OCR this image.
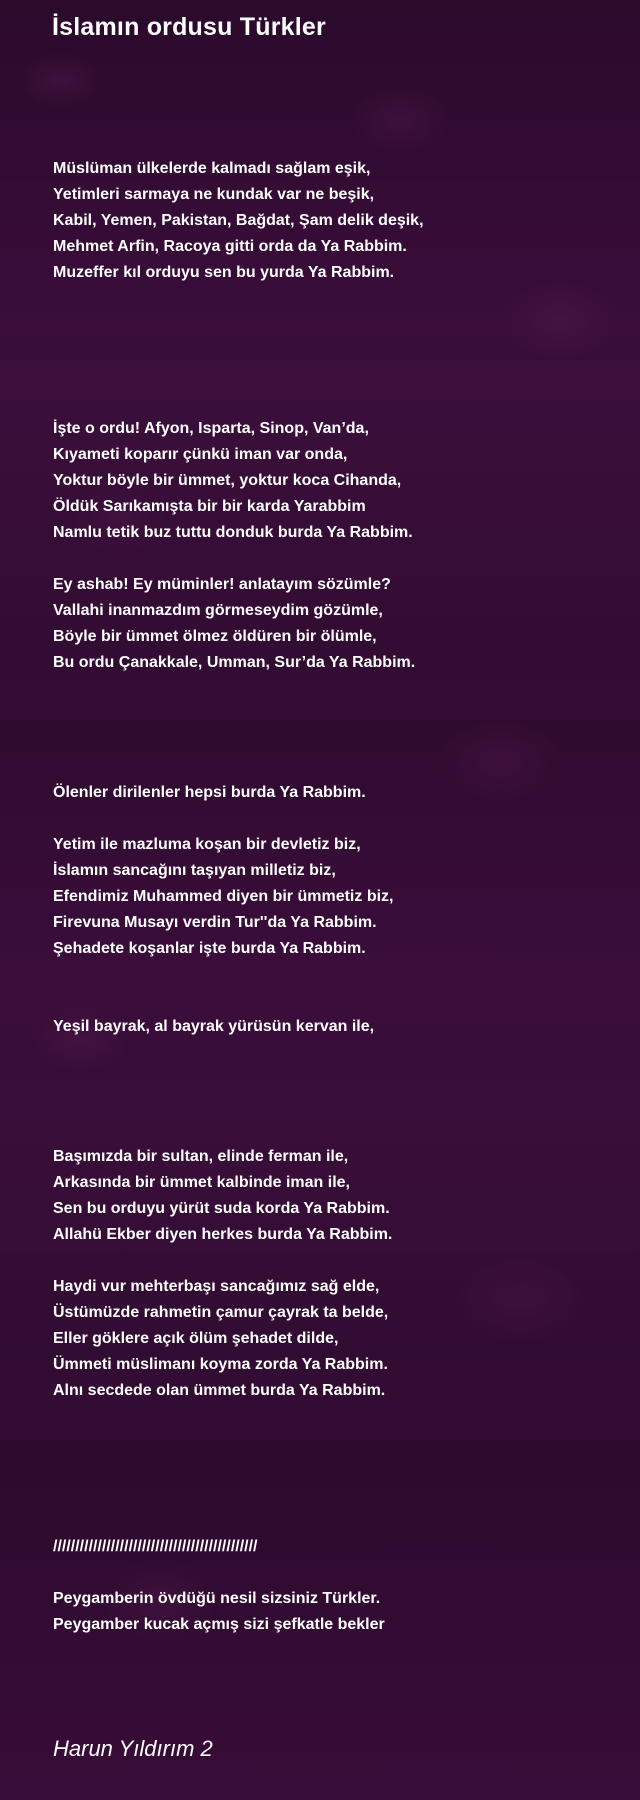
İslamın ordusu Türkler
Müslüman ülkelerde kalmadı sağlam eşik,
Yetimleri sarmaya ne kundak var ne beşik,
Kabil, Yemen, Pakistan, Bağdat, Şam delik deşik,
Mehmet Arfin, Racoya gitti orda da Ya Rabbim.
Muzeffer kıl orduyu sen bu yurda Ya Rabbim.
İşte o ordu! Afyon, Isparta, Sinop, Van’da,
Kıyameti koparır çünkü iman var onda,
Yoktur böyle bir ümmet, yoktur koca Cihanda,
Öldük Sarıkamışta bir bir karda Yarabbim
Namlu tetik buz tuttu donduk burda Ya Rabbim.
Ey ashab! Ey müminler! anlatayım sözümle?
Vallahi inanmazdım görmeseydim gözümle,
Böyle bir ümmet ölmez öldüren bir ölümle,
Bu ordu Çanakkale, Umman, Sur’da Ya Rabbim.
Ölenler dirilenler hepsi burda Ya Rabbim.
Yetim ile mazluma koşan bir devletiz biz,
İslamın sancağını taşıyan milletiz biz,
Efendimiz Muhammed diyen bir ümmetiz biz,
Firevuna Musayı verdin Tur''da Ya Rabbim.
Şehadete koşanlar işte burda Ya Rabbim.
Yeşil bayrak, al bayrak yürüsün kervan ile,
Başımızda bir sultan, elinde ferman ile,
Arkasında bir ümmet kalbinde iman ile,
Sen bu orduyu yürüt suda korda Ya Rabbim.
Allahü Ekber diyen herkes burda Ya Rabbim.
Haydi vur mehterbaşı sancağımız sağ elde,
Üstümüzde rahmetin çamur çayrak ta belde,
Eller göklere açık ölüm şehadet dilde,
Ümmeti müslimanı koyma zorda Ya Rabbim.
Alnı secdede olan ümmet burda Ya Rabbim.
//////////////////////////////////////////////
Peygamberin övdüğü nesil sizsiniz Türkler.
Peygamber kucak açmış sizi şefkatle bekler
Harun Yıldırım 2
